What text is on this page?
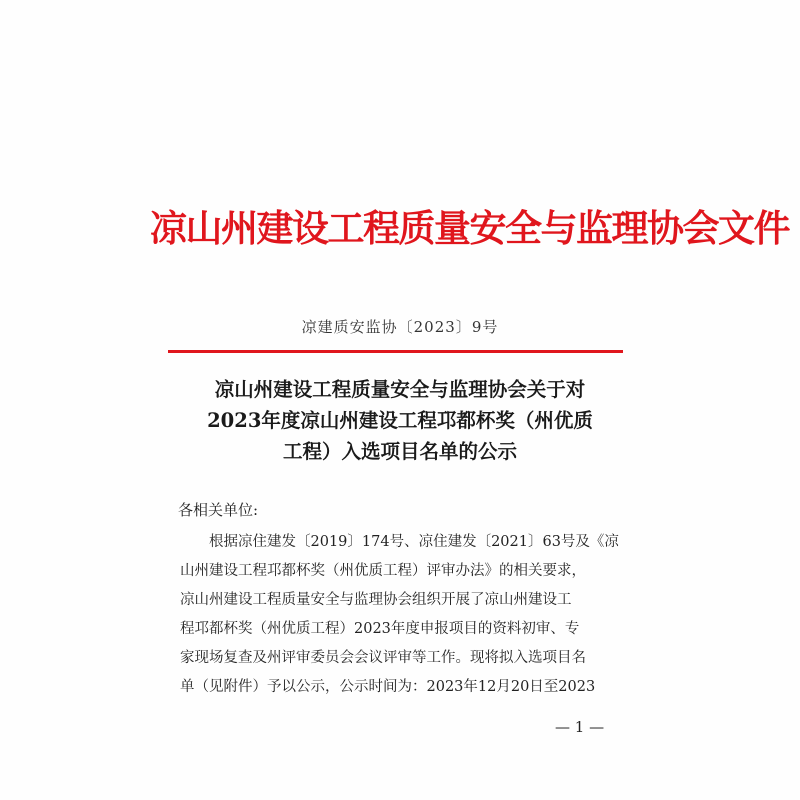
凉山州建设工程质量安全与监理协会文件
凉建质安监协〔2023〕9号
凉山州建设工程质量安全与监理协会关于对
2023年度凉山州建设工程邛都杯奖（州优质
工程）入选项目名单的公示
各相关单位:
根据凉住建发〔2019〕174号、凉住建发〔2021〕63号及《凉
山州建设工程邛都杯奖（州优质工程）评审办法》的相关要求，
凉山州建设工程质量安全与监理协会组织开展了凉山州建设工
程邛都杯奖（州优质工程）2023年度申报项目的资料初审、专
家现场复查及州评审委员会会议评审等工作。现将拟入选项目名
单（见附件）予以公示，公示时间为：2023年12月20日至2023
— 1 —
